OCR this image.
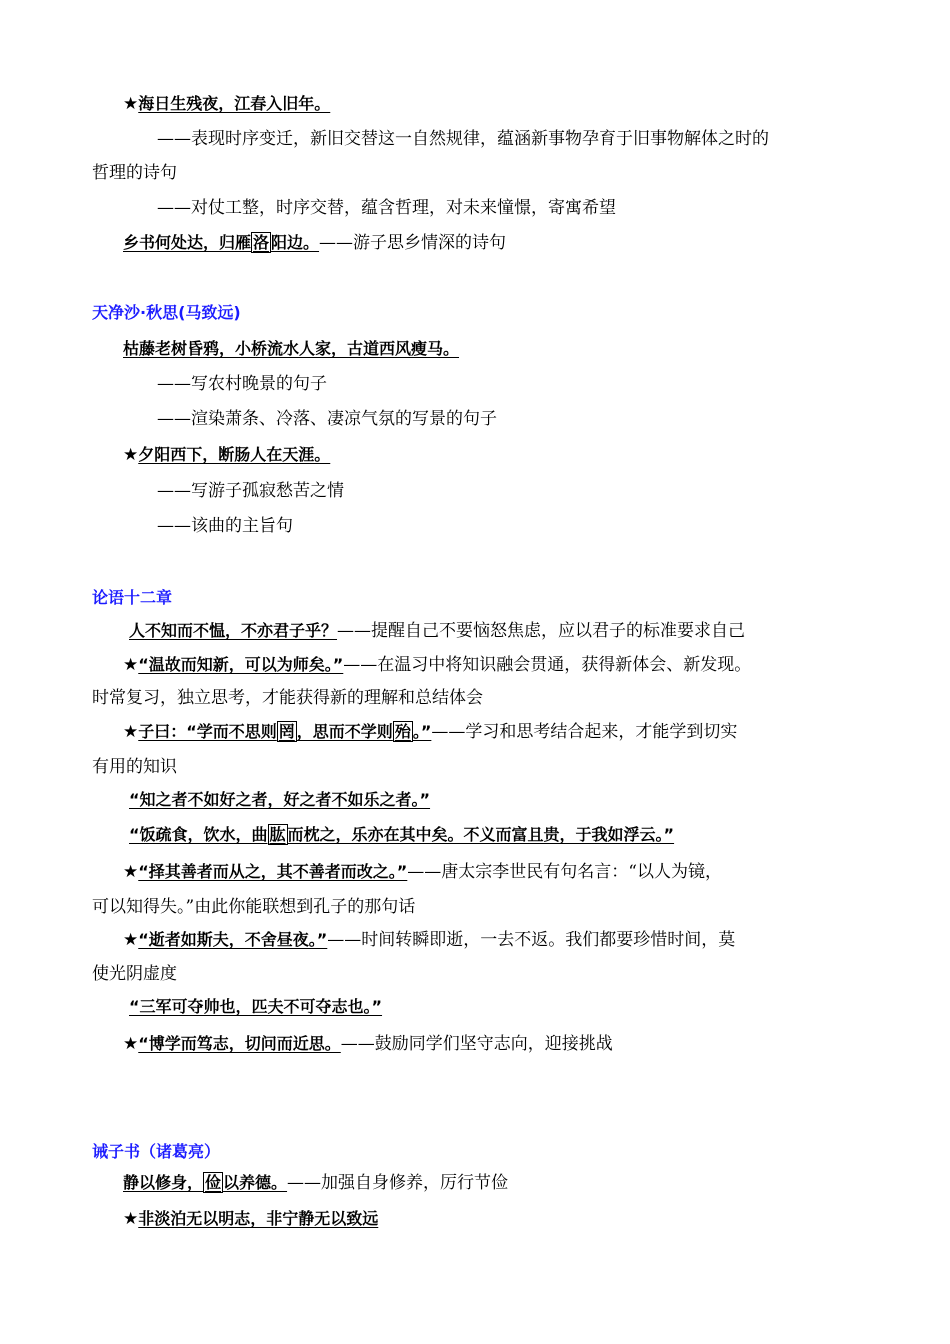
★海日生残夜，江春入旧年。
——表现时序变迁，新旧交替这一自然规律，蕴涵新事物孕育于旧事物解体之时的
哲理的诗句
——对仗工整，时序交替，蕴含哲理，对未来憧憬，寄寓希望
乡书何处达，归雁 洛 阳边。——游子思乡情深的诗句
天净沙·秋思(马致远)
枯藤老树昏鸦，小桥流水人家，古道西风瘦马。
——写农村晚景的句子
——渲染萧条、冷落、凄凉气氛的写景的句子
★夕阳西下，断肠人在天涯。
——写游子孤寂愁苦之情
——该曲的主旨句
论语十二章
人不知而不愠，不亦君子乎？——提醒自己不要恼怒焦虑，应以君子的标准要求自己
★“温故而知新，可以为师矣。”——在温习中将知识融会贯通，获得新体会、新发现。
时常复习，独立思考，才能获得新的理解和总结体会
★子曰：“学而不思则 罔 ，思而不学则 殆 。”——学习和思考结合起来，才能学到切实
有用的知识
“知之者不如好之者，好之者不如乐之者。”
“饭疏食，饮水，曲 肱 而枕之，乐亦在其中矣。不义而富且贵，于我如浮云。”
★“择其善者而从之，其不善者而改之。”——唐太宗李世民有句名言：“以人为镜，
可以知得失。”由此你能联想到孔子的那句话
★“逝者如斯夫，不舍昼夜。”——时间转瞬即逝，一去不返。我们都要珍惜时间，莫
使光阴虚度
“三军可夺帅也，匹夫不可夺志也。”
★“博学而笃志，切问而近思。——鼓励同学们坚守志向，迎接挑战
诫子书（诸葛亮）
静以修身， 俭 以养德。——加强自身修养，厉行节俭
★非淡泊无以明志，非宁静无以致远
